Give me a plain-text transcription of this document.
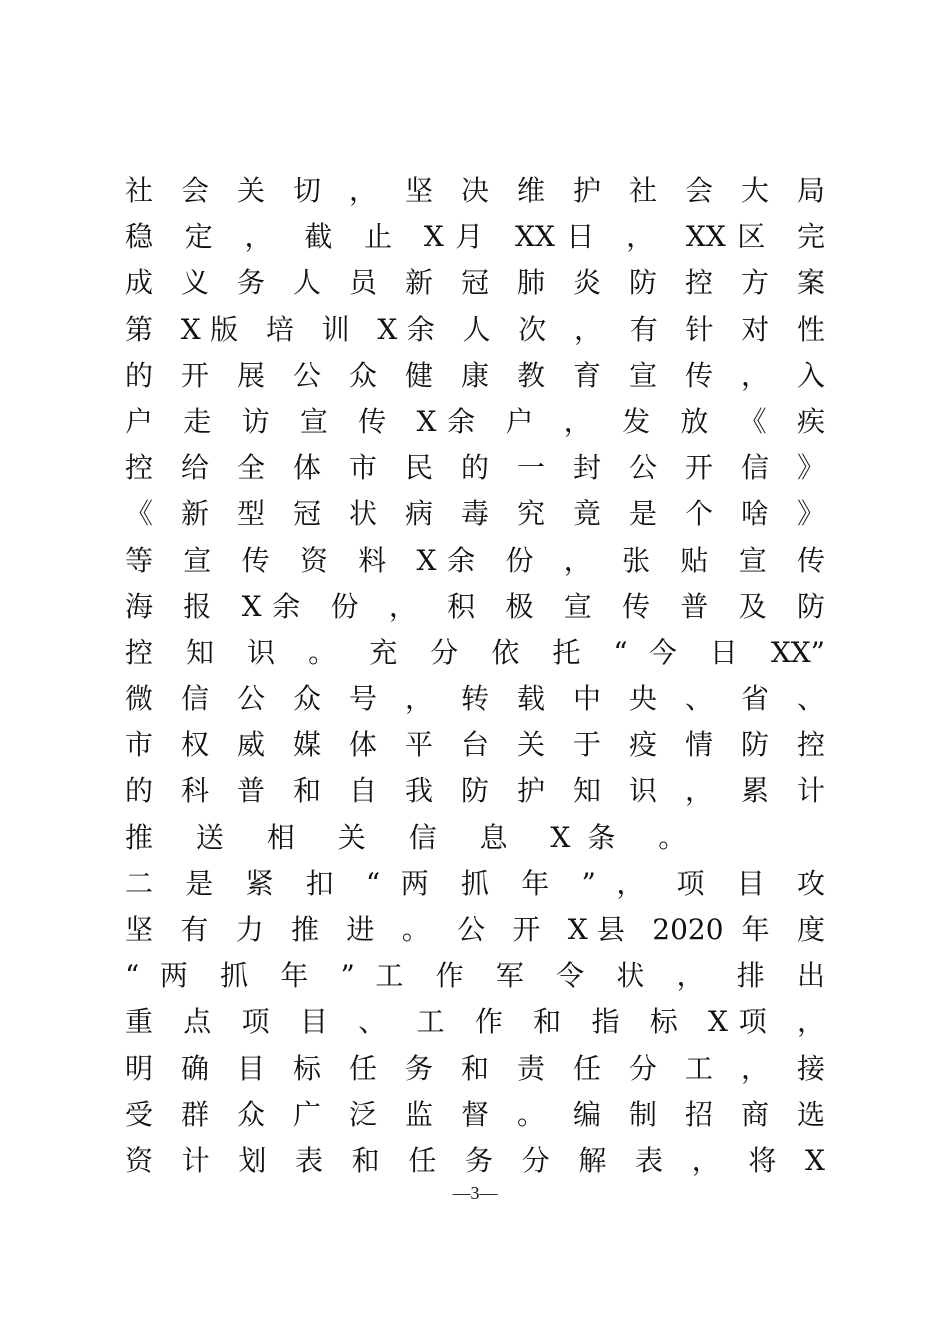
社 会 关 切 ， 坚 决 维 护 社 会 大 局
稳 定 ， 截 止 X月 XX日 ， XX区 完
成 义 务 人 员 新 冠 肺 炎 防 控 方 案
第 X版 培 训 X余 人 次 ， 有 针 对 性
的 开 展 公 众 健 康 教 育 宣 传 ， 入
户 走 访 宣 传 X余 户 ， 发 放 《 疾
控 给 全 体 市 民 的 一 封 公 开 信 》
《 新 型 冠 状 病 毒 究 竟 是 个 啥 》
等 宣 传 资 料 X余 份 ， 张 贴 宣 传
海 报 X余 份 ， 积 极 宣 传 普 及 防
控 知 识 。 充 分 依 托 “ 今 日 XX”
微 信 公 众 号 ， 转 载 中 央 、 省 、
市 权 威 媒 体 平 台 关 于 疫 情 防 控
的 科 普 和 自 我 防 护 知 识 ， 累 计
推 送 相 关 信 息 X条 。
二 是 紧 扣 “ 两 抓 年 ” ， 项 目 攻
坚 有 力 推 进 。 公 开 X县 2020 年 度
“ 两 抓 年 ” 工 作 军 令 状 ， 排 出
重 点 项 目 、 工 作 和 指 标 X项 ，
明 确 目 标 任 务 和 责 任 分 工 ， 接
受 群 众 广 泛 监 督 。 编 制 招 商 选
资 计 划 表 和 任 务 分 解 表 ， 将 X
—3—
